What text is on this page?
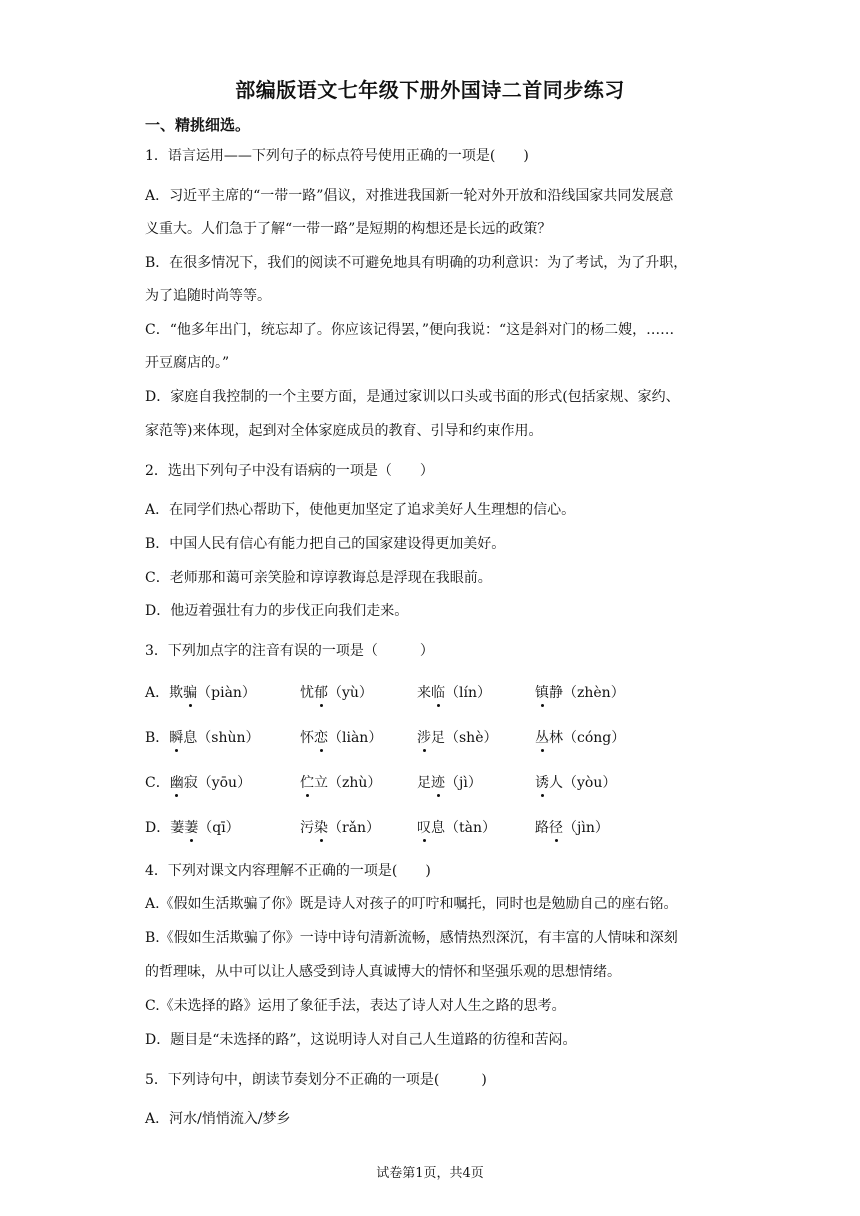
部编版语文七年级下册外国诗二首同步练习
一、精挑细选。
1．语言运用——下列句子的标点符号使用正确的一项是(　　)
A．习近平主席的“一带一路”倡议，对推进我国新一轮对外开放和沿线国家共同发展意
义重大。人们急于了解“一带一路”是短期的构想还是长远的政策？
B．在很多情况下，我们的阅读不可避免地具有明确的功利意识：为了考试，为了升职，
为了追随时尚等等。
C．“他多年出门，统忘却了。你应该记得罢，”便向我说：“这是斜对门的杨二嫂，……
开豆腐店的。”
D．家庭自我控制的一个主要方面，是通过家训以口头或书面的形式(包括家规、家约、
家范等)来体现，起到对全体家庭成员的教育、引导和约束作用。
2．选出下列句子中没有语病的一项是（　　）
A．在同学们热心帮助下，使他更加坚定了追求美好人生理想的信心。
B．中国人民有信心有能力把自己的国家建设得更加美好。
C．老师那和蔼可亲笑脸和谆谆教诲总是浮现在我眼前。
D．他迈着强壮有力的步伐正向我们走来。
3．下列加点字的注音有误的一项是（　　　）
A．欺骗（piàn）	忧郁（yù）	来临（lín）	镇静（zhèn）
B．瞬息（shùn）	怀恋（liàn） 涉足（shè）	丛林（cóng）
C．幽寂（yōu）	伫立（zhù）	足迹（jì）	诱人（yòu）
D．萋萋（qī）	污染（rǎn）	叹息（tàn）	路径（jìn）
4．下列对课文内容理解不正确的一项是(　　)
A.《假如生活欺骗了你》既是诗人对孩子的叮咛和嘱托，同时也是勉励自己的座右铭。
B.《假如生活欺骗了你》一诗中诗句清新流畅，感情热烈深沉，有丰富的人情味和深刻
的哲理味，从中可以让人感受到诗人真诚博大的情怀和坚强乐观的思想情绪。
C.《未选择的路》运用了象征手法，表达了诗人对人生之路的思考。
D．题目是“未选择的路”，这说明诗人对自己人生道路的彷徨和苦闷。
5．下列诗句中，朗读节奏划分不正确的一项是(　　　)
A．河水/悄悄流入/梦乡
试卷第1页，共4页
